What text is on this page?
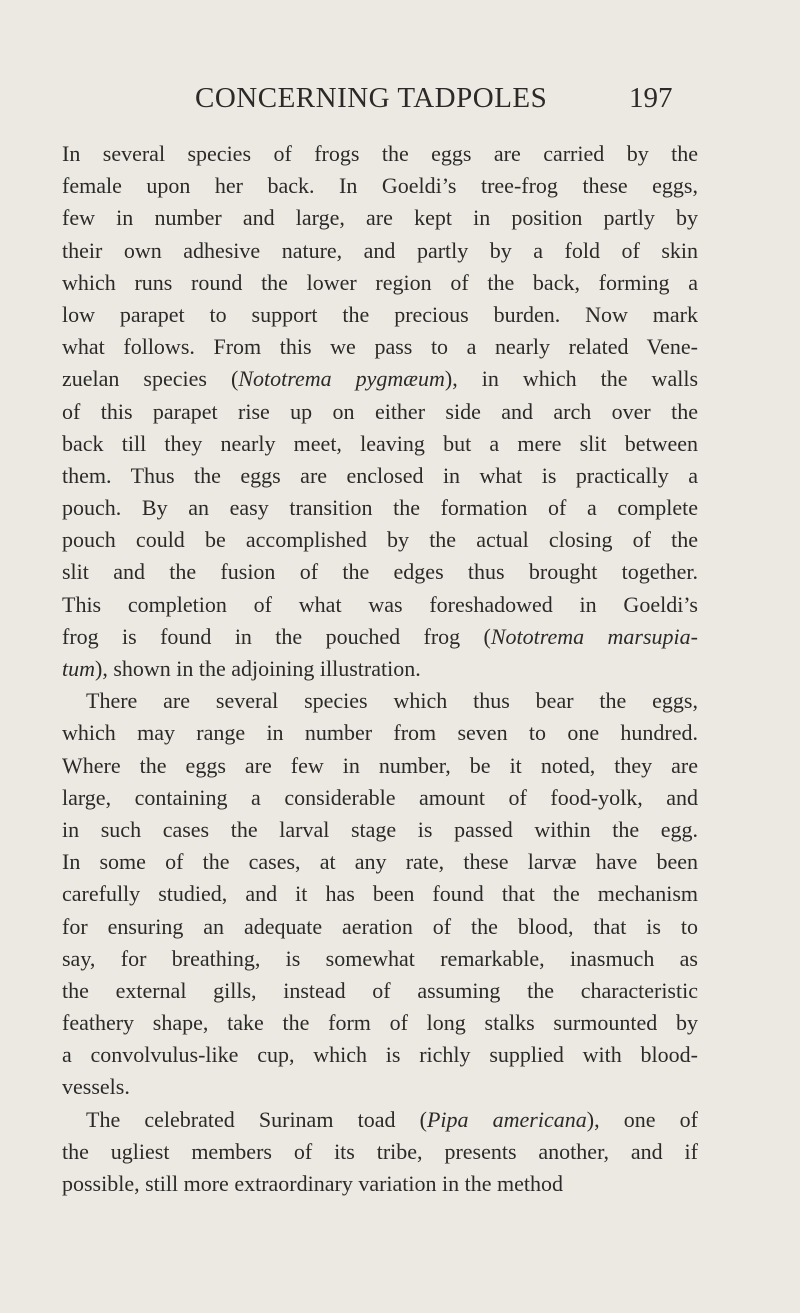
CONCERNING TADPOLES	197
In several species of frogs the eggs are carried by the
female upon her back. In Goeldi’s tree-frog these eggs,
few in number and large, are kept in position partly by
their own adhesive nature, and partly by a fold of skin
which runs round the lower region of the back, forming a
low parapet to support the precious burden. Now mark
what follows. From this we pass to a nearly related Vene-
zuelan species (Nototrema pygmæum), in which the walls
of this parapet rise up on either side and arch over the
back till they nearly meet, leaving but a mere slit between
them. Thus the eggs are enclosed in what is practically a
pouch. By an easy transition the formation of a complete
pouch could be accomplished by the actual closing of the
slit and the fusion of the edges thus brought together.
This completion of what was foreshadowed in Goeldi’s
frog is found in the pouched frog (Nototrema marsupia-
tum), shown in the adjoining illustration.
There are several species which thus bear the eggs,
which may range in number from seven to one hundred.
Where the eggs are few in number, be it noted, they are
large, containing a considerable amount of food-yolk, and
in such cases the larval stage is passed within the egg.
In some of the cases, at any rate, these larvæ have been
carefully studied, and it has been found that the mechanism
for ensuring an adequate aeration of the blood, that is to
say, for breathing, is somewhat remarkable, inasmuch as
the external gills, instead of assuming the characteristic
feathery shape, take the form of long stalks surmounted by
a convolvulus-like cup, which is richly supplied with blood-
vessels.
The celebrated Surinam toad (Pipa americana), one of
the ugliest members of its tribe, presents another, and if
possible, still more extraordinary variation in the method
